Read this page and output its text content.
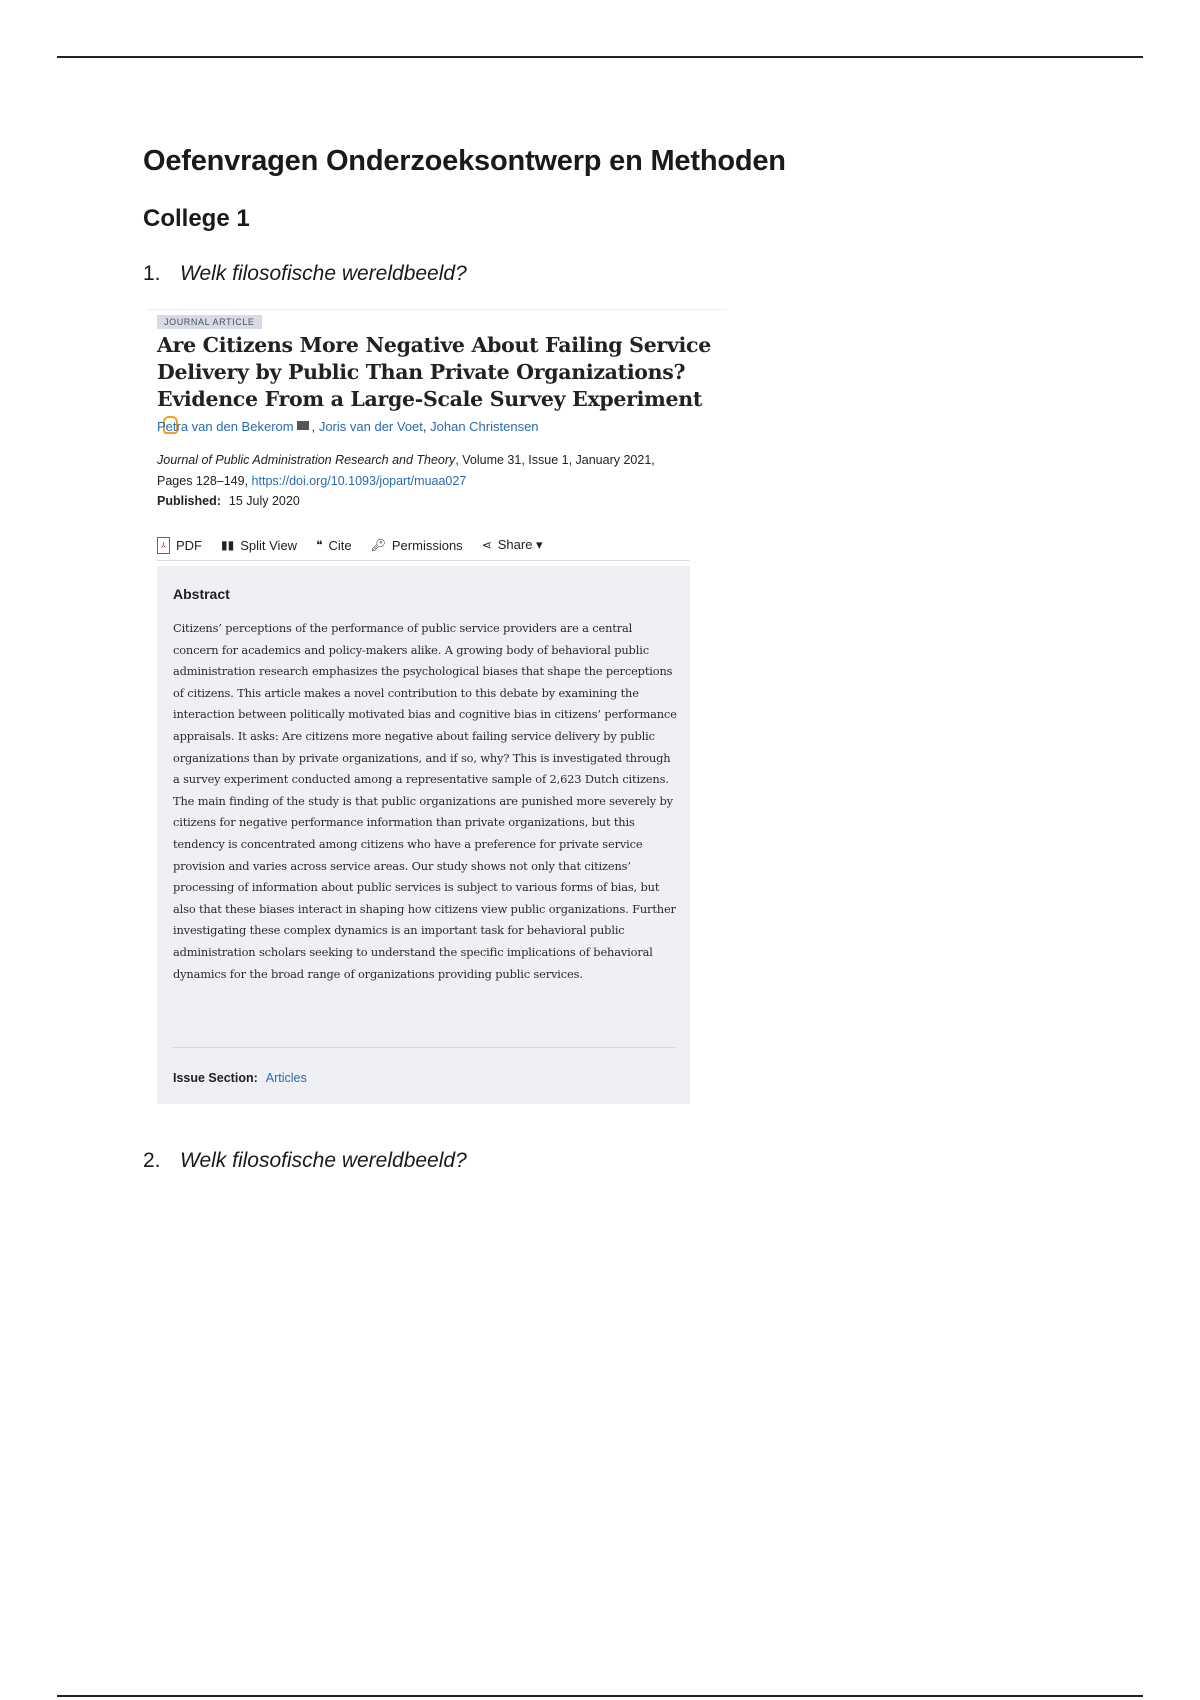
Oefenvragen Onderzoeksontwerp en Methoden
College 1
1. Welk filosofische wereldbeeld?
JOURNAL ARTICLE
Are Citizens More Negative About Failing Service Delivery by Public Than Private Organizations? Evidence From a Large-Scale Survey Experiment
Petra van den Bekerom , Joris van der Voet, Johan Christensen
Journal of Public Administration Research and Theory, Volume 31, Issue 1, January 2021,
Pages 128–149, https://doi.org/10.1093/jopart/muaa027
Published: 15 July 2020
⅄ PDF ▮▮ Split View ❝ Cite 🔑︎ Permissions ⋖ Share ▾
Abstract

Citizens’ perceptions of the performance of public service providers are a central concern for academics and policy-makers alike. A growing body of behavioral public administration research emphasizes the psychological biases that shape the perceptions of citizens. This article makes a novel contribution to this debate by examining the interaction between politically motivated bias and cognitive bias in citizens’ performance appraisals. It asks: Are citizens more negative about failing service delivery by public organizations than by private organizations, and if so, why? This is investigated through a survey experiment conducted among a representative sample of 2,623 Dutch citizens. The main finding of the study is that public organizations are punished more severely by citizens for negative performance information than private organizations, but this tendency is concentrated among citizens who have a preference for private service provision and varies across service areas. Our study shows not only that citizens’ processing of information about public services is subject to various forms of bias, but also that these biases interact in shaping how citizens view public organizations. Further investigating these complex dynamics is an important task for behavioral public administration scholars seeking to understand the specific implications of behavioral dynamics for the broad range of organizations providing public services.

Issue Section: Articles
2. Welk filosofische wereldbeeld?
